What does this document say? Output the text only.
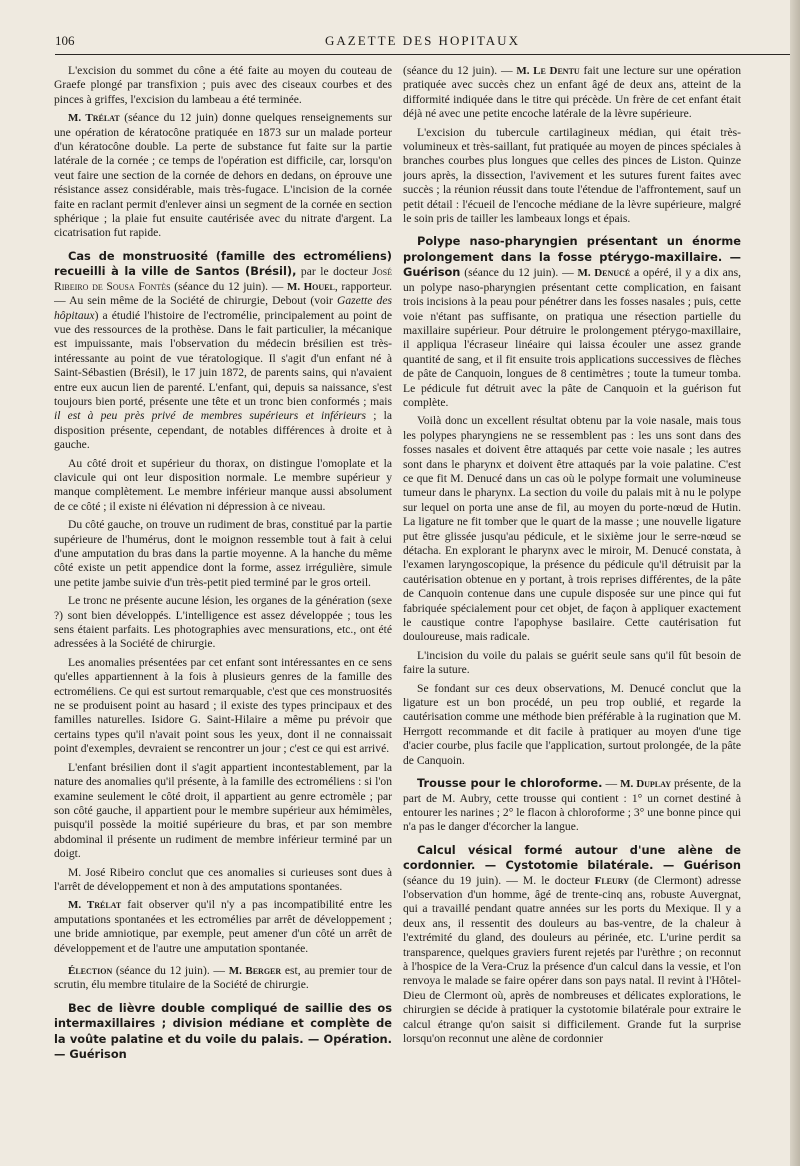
106	GAZETTE DES HOPITAUX

L'excision du sommet du cône a été faite au moyen du couteau de Graefe plongé par transfixion ; puis avec des ciseaux courbes et des pinces à griffes, l'excision du lambeau a été terminée.

M. Trélat (séance du 12 juin) donne quelques renseignements sur une opération de kératocône pratiquée en 1873 sur un malade porteur d'un kératocône double. La perte de substance fut faite sur la partie latérale de la cornée ; ce temps de l'opération est difficile, car, lorsqu'on veut faire une section de la cornée de dehors en dedans, on éprouve une résistance assez considérable, mais très-fugace. L'incision de la cornée faite en raclant permit d'enlever ainsi un segment de la cornée en section sphérique ; la plaie fut ensuite cautérisée avec du nitrate d'argent. La cicatrisation fut rapide.

Cas de monstruosité (famille des ectroméliens) recueilli à la ville de Santos (Brésil), par le docteur José Ribeiro de Sousa Fontès (séance du 12 juin). — M. Houel, rapporteur. — Au sein même de la Société de chirurgie, Debout (voir Gazette des hôpitaux) a étudié l'histoire de l'ectromélie, principalement au point de vue des ressources de la prothèse. Dans le fait particulier, la mécanique est impuissante, mais l'observation du médecin brésilien est très-intéressante au point de vue tératologique. Il s'agit d'un enfant né à Saint-Sébastien (Brésil), le 17 juin 1872, de parents sains, qui n'avaient entre eux aucun lien de parenté. L'enfant, qui, depuis sa naissance, s'est toujours bien porté, présente une tête et un tronc bien conformés ; mais il est à peu près privé de membres supérieurs et inférieurs ; la disposition présente, cependant, de notables différences à droite et à gauche.

Au côté droit et supérieur du thorax, on distingue l'omoplate et la clavicule qui ont leur disposition normale. Le membre supérieur y manque complètement. Le membre inférieur manque aussi absolument de ce côté ; il existe ni élévation ni dépression à ce niveau.

Du côté gauche, on trouve un rudiment de bras, constitué par la partie supérieure de l'humérus, dont le moignon ressemble tout à fait à celui d'une amputation du bras dans la partie moyenne. A la hanche du même côté existe un petit appendice dont la forme, assez irrégulière, simule une petite jambe suivie d'un très-petit pied terminé par le gros orteil.

Le tronc ne présente aucune lésion, les organes de la génération (sexe ?) sont bien développés. L'intelligence est assez développée ; tous les sens étaient parfaits. Les photographies avec mensurations, etc., ont été adressées à la Société de chirurgie.

Les anomalies présentées par cet enfant sont intéressantes en ce sens qu'elles appartiennent à la fois à plusieurs genres de la famille des ectroméliens. Ce qui est surtout remarquable, c'est que ces monstruosités ne se produisent point au hasard ; il existe des types principaux et des familles naturelles. Isidore G. Saint-Hilaire a même pu prévoir que certains types qu'il n'avait point sous les yeux, dont il ne connaissait point d'exemples, devraient se rencontrer un jour ; c'est ce qui est arrivé.

L'enfant brésilien dont il s'agit appartient incontestablement, par la nature des anomalies qu'il présente, à la famille des ectroméliens : si l'on examine seulement le côté droit, il appartient au genre ectromèle ; par son côté gauche, il appartient pour le membre supérieur aux hémimèles, puisqu'il possède la moitié supérieure du bras, et par son membre abdominal il présente un rudiment de membre inférieur terminé par un doigt.

M. José Ribeiro conclut que ces anomalies si curieuses sont dues à l'arrêt de développement et non à des amputations spontanées.

M. Trélat fait observer qu'il n'y a pas incompatibilité entre les amputations spontanées et les ectromélies par arrêt de développement ; une bride amniotique, par exemple, peut amener d'un côté un arrêt de développement et de l'autre une amputation spontanée.

Élection (séance du 12 juin). — M. Berger est, au premier tour de scrutin, élu membre titulaire de la Société de chirurgie.

Bec de lièvre double compliqué de saillie des os intermaxillaires ; division médiane et complète de la voûte palatine et du voile du palais. — Opération. — Guérison

(séance du 12 juin). — M. Le Dentu fait une lecture sur une opération pratiquée avec succès chez un enfant âgé de deux ans, atteint de la difformité indiquée dans le titre qui précède. Un frère de cet enfant était déjà né avec une petite encoche latérale de la lèvre supérieure.

L'excision du tubercule cartilagineux médian, qui était très-volumineux et très-saillant, fut pratiquée au moyen de pinces spéciales à branches courbes plus longues que celles des pinces de Liston. Quinze jours après, la dissection, l'avivement et les sutures furent faites avec succès ; la réunion réussit dans toute l'étendue de l'affrontement, sauf un petit détail : l'écueil de l'encoche médiane de la lèvre supérieure, malgré le soin pris de tailler les lambeaux longs et épais.

Polype naso-pharyngien présentant un énorme prolongement dans la fosse ptérygo-maxillaire. — Guérison (séance du 12 juin). — M. Denucé a opéré, il y a dix ans, un polype naso-pharyngien présentant cette complication, en faisant trois incisions à la peau pour pénétrer dans les fosses nasales ; puis, cette voie n'étant pas suffisante, on pratiqua une résection partielle du maxillaire supérieur. Pour détruire le prolongement ptérygo-maxillaire, il appliqua l'écraseur linéaire qui laissa écouler une assez grande quantité de sang, et il fit ensuite trois applications successives de flèches de pâte de Canquoin, longues de 8 centimètres ; toute la tumeur tomba. Le pédicule fut détruit avec la pâte de Canquoin et la guérison fut complète.

Voilà donc un excellent résultat obtenu par la voie nasale, mais tous les polypes pharyngiens ne se ressemblent pas : les uns sont dans des fosses nasales et doivent être attaqués par cette voie nasale ; les autres sont dans le pharynx et doivent être attaqués par la voie palatine. C'est ce que fit M. Denucé dans un cas où le polype formait une volumineuse tumeur dans le pharynx. La section du voile du palais mit à nu le polype sur lequel on porta une anse de fil, au moyen du porte-nœud de Hutin. La ligature ne fit tomber que le quart de la masse ; une nouvelle ligature put être glissée jusqu'au pédicule, et le sixième jour le serre-nœud se détacha. En explorant le pharynx avec le miroir, M. Denucé constata, à l'examen laryngoscopique, la présence du pédicule qu'il détruisit par la cautérisation obtenue en y portant, à trois reprises différentes, de la pâte de Canquoin contenue dans une cupule disposée sur une pince qui fut fabriquée spécialement pour cet objet, de façon à appliquer exactement le caustique contre l'apophyse basilaire. Cette cautérisation fut douloureuse, mais radicale.

L'incision du voile du palais se guérit seule sans qu'il fût besoin de faire la suture.

Se fondant sur ces deux observations, M. Denucé conclut que la ligature est un bon procédé, un peu trop oublié, et regarde la cautérisation comme une méthode bien préférable à la rugination que M. Herrgott recommande et dit facile à pratiquer au moyen d'une tige d'acier courbe, plus facile que l'application, surtout prolongée, de la pâte de Canquoin.

Trousse pour le chloroforme. — M. Duplay présente, de la part de M. Aubry, cette trousse qui contient : 1° un cornet destiné à entourer les narines ; 2° le flacon à chloroforme ; 3° une bonne pince qui n'a pas le danger d'écorcher la langue.

Calcul vésical formé autour d'une alène de cordonnier. — Cystotomie bilatérale. — Guérison (séance du 19 juin). — M. le docteur Fleury (de Clermont) adresse l'observation d'un homme, âgé de trente-cinq ans, robuste Auvergnat, qui a travaillé pendant quatre années sur les ports du Mexique. Il y a deux ans, il ressentit des douleurs au bas-ventre, de la chaleur à l'extrémité du gland, des douleurs au périnée, etc. L'urine perdit sa transparence, quelques graviers furent rejetés par l'urèthre ; on reconnut à l'hospice de la Vera-Cruz la présence d'un calcul dans la vessie, et l'on renvoya le malade se faire opérer dans son pays natal. Il revint à l'Hôtel-Dieu de Clermont où, après de nombreuses et délicates explorations, le chirurgien se décide à pratiquer la cystotomie bilatérale pour extraire le calcul étrange qu'on saisit si difficilement. Grande fut la surprise lorsqu'on reconnut une alène de cordonnier
